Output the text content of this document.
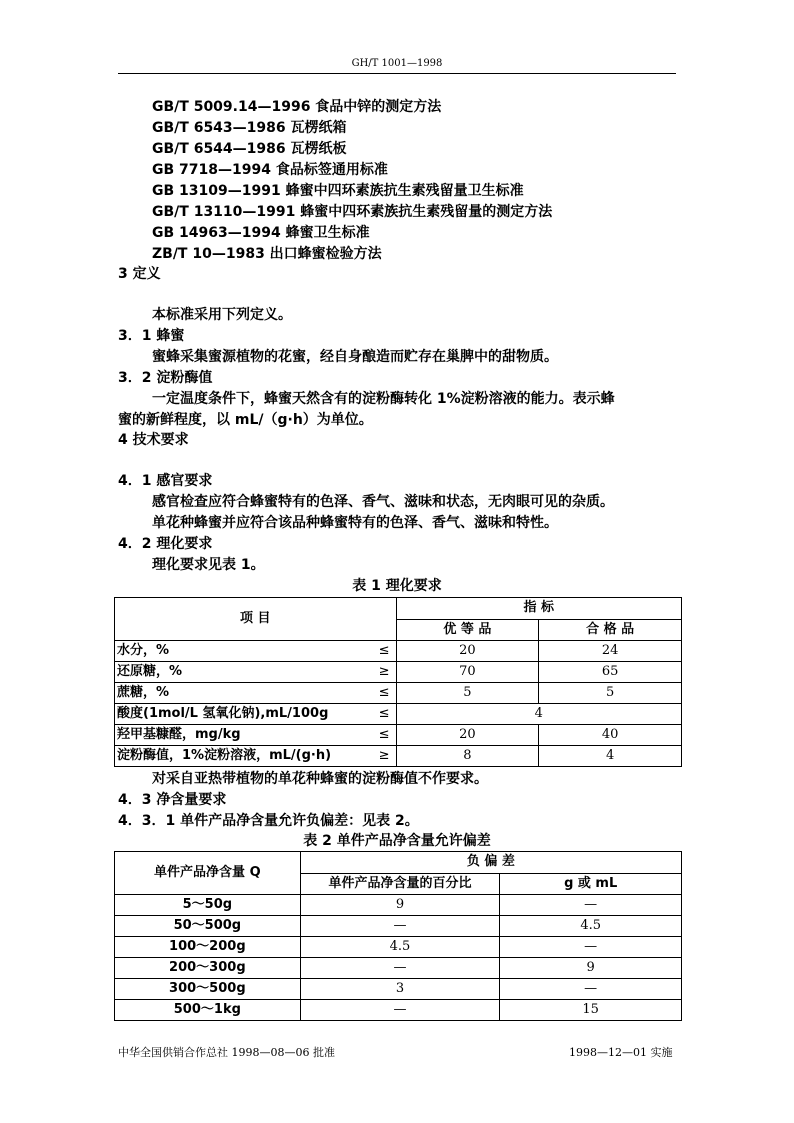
GH/T 1001—1998
GB/T 5009.14—1996 食品中锌的测定方法
GB/T 6543—1986 瓦楞纸箱
GB/T 6544—1986 瓦楞纸板
GB 7718—1994 食品标签通用标准
GB 13109—1991 蜂蜜中四环素族抗生素残留量卫生标准
GB/T 13110—1991 蜂蜜中四环素族抗生素残留量的测定方法
GB 14963—1994 蜂蜜卫生标准
ZB/T 10—1983 出口蜂蜜检验方法
3 定义
本标准采用下列定义。
3．1 蜂蜜
蜜蜂采集蜜源植物的花蜜，经自身酿造而贮存在巢脾中的甜物质。
3．2 淀粉酶值
一定温度条件下，蜂蜜天然含有的淀粉酶转化 1%淀粉溶液的能力。表示蜂
蜜的新鲜程度，以 mL/（g·h）为单位。
4 技术要求
4．1 感官要求
感官检查应符合蜂蜜特有的色泽、香气、滋味和状态，无肉眼可见的杂质。
单花种蜂蜜并应符合该品种蜂蜜特有的色泽、香气、滋味和特性。
4．2 理化要求
理化要求见表 1。
表 1 理化要求
项 目	指 标	
	优 等 品	合 格 品
水分，% ≤	20	24
还原糖，% ≥	70	65
蔗糖，% ≤	5	5
酸度(1mol/L 氢氧化钠),mL/100g ≤	4	
羟甲基糠醛，mg/kg ≤	20	40
淀粉酶值，1%淀粉溶液，mL/(g·h) ≥	8	4
对采自亚热带植物的单花种蜂蜜的淀粉酶值不作要求。
4．3 净含量要求
4．3．1 单件产品净含量允许负偏差：见表 2。
表 2 单件产品净含量允许偏差
单件产品净含量 Q	负 偏 差	
	单件产品净含量的百分比	g 或 mL
5～50g	9	—
50～500g	—	4.5
100～200g	4.5	—
200～300g	—	9
300～500g	3	—
500～1kg	—	15
中华全国供销合作总社 1998—08—06 批准	1998—12—01 实施
